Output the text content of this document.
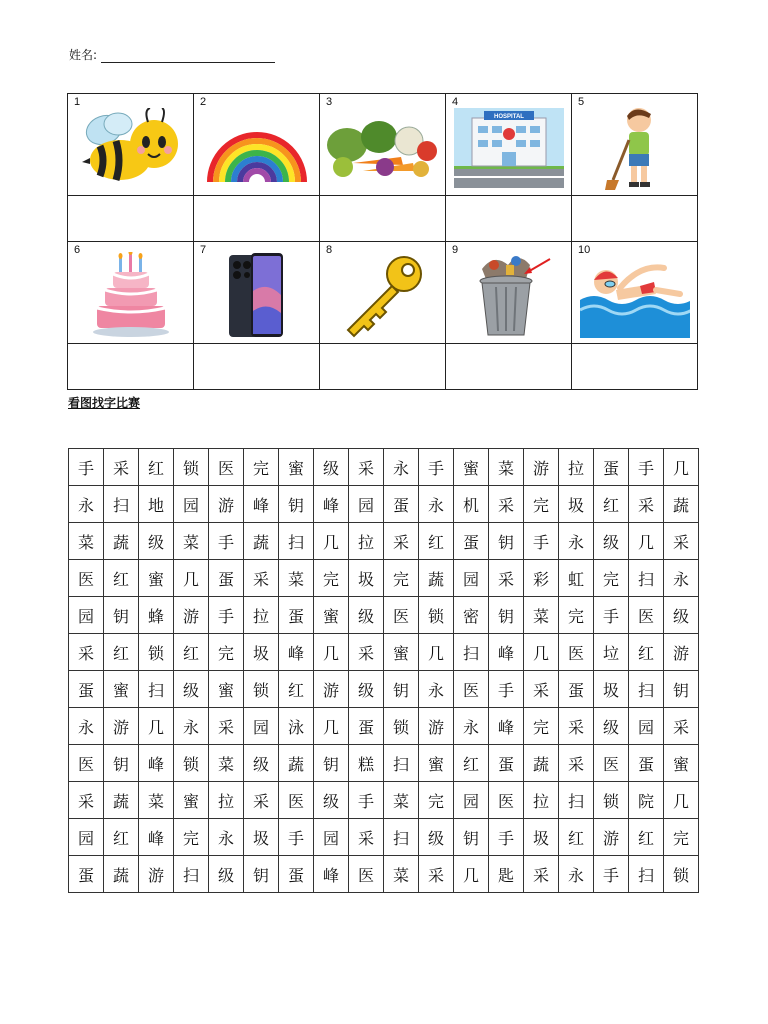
姓名:
1	2	3	4
HOSPITAL	5

6	7	8	9	10

看图找字比赛
手	采	红	锁	医	完	蜜	级	采	永	手	蜜	菜	游	拉	蛋	手	几
永	扫	地	园	游	峰	钥	峰	园	蛋	永	机	采	完	圾	红	采	蔬
菜	蔬	级	菜	手	蔬	扫	几	拉	采	红	蛋	钥	手	永	级	几	采
医	红	蜜	几	蛋	采	菜	完	圾	完	蔬	园	采	彩	虹	完	扫	永
园	钥	蜂	游	手	拉	蛋	蜜	级	医	锁	密	钥	菜	完	手	医	级
采	红	锁	红	完	圾	峰	几	采	蜜	几	扫	峰	几	医	垃	红	游
蛋	蜜	扫	级	蜜	锁	红	游	级	钥	永	医	手	采	蛋	圾	扫	钥
永	游	几	永	采	园	泳	几	蛋	锁	游	永	峰	完	采	级	园	采
医	钥	峰	锁	菜	级	蔬	钥	糕	扫	蜜	红	蛋	蔬	采	医	蛋	蜜
采	蔬	菜	蜜	拉	采	医	级	手	菜	完	园	医	拉	扫	锁	院	几
园	红	峰	完	永	圾	手	园	采	扫	级	钥	手	圾	红	游	红	完
蛋	蔬	游	扫	级	钥	蛋	峰	医	菜	采	几	匙	采	永	手	扫	锁
